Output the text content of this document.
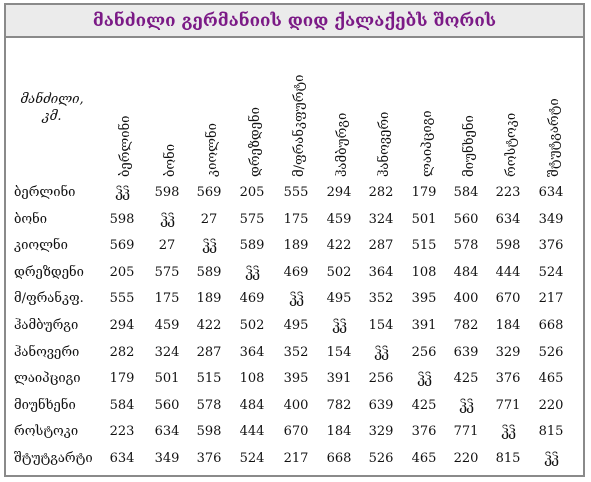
მანძილი გერმანიის დიდ ქალაქებს შორის
მანძილი,
კმ.	ბერლინი ბონი კიოლნი დრეზდენი მ/ფრანკფურტი ჰამბურგი ჰანოვერი ლაიპციგი მიუნხენი როსტოკი შტუტგარტი
ბერლინი	ჴჴ	598	569	205	555	294	282	179	584	223	634
ბონი	598	ჴჴ	27	575	175	459	324	501	560	634	349
კიოლნი	569	27	ჴჴ	589	189	422	287	515	578	598	376
დრეზდენი	205	575	589	ჴჴ	469	502	364	108	484	444	524
მ/ფრანკფ.	555	175	189	469	ჴჴ	495	352	395	400	670	217
ჰამბურგი	294	459	422	502	495	ჴჴ	154	391	782	184	668
ჰანოვერი	282	324	287	364	352	154	ჴჴ	256	639	329	526
ლაიპციგი	179	501	515	108	395	391	256	ჴჴ	425	376	465
მიუნხენი	584	560	578	484	400	782	639	425	ჴჴ	771	220
როსტოკი	223	634	598	444	670	184	329	376	771	ჴჴ	815
შტუტგარტი	634	349	376	524	217	668	526	465	220	815	ჴჴ
